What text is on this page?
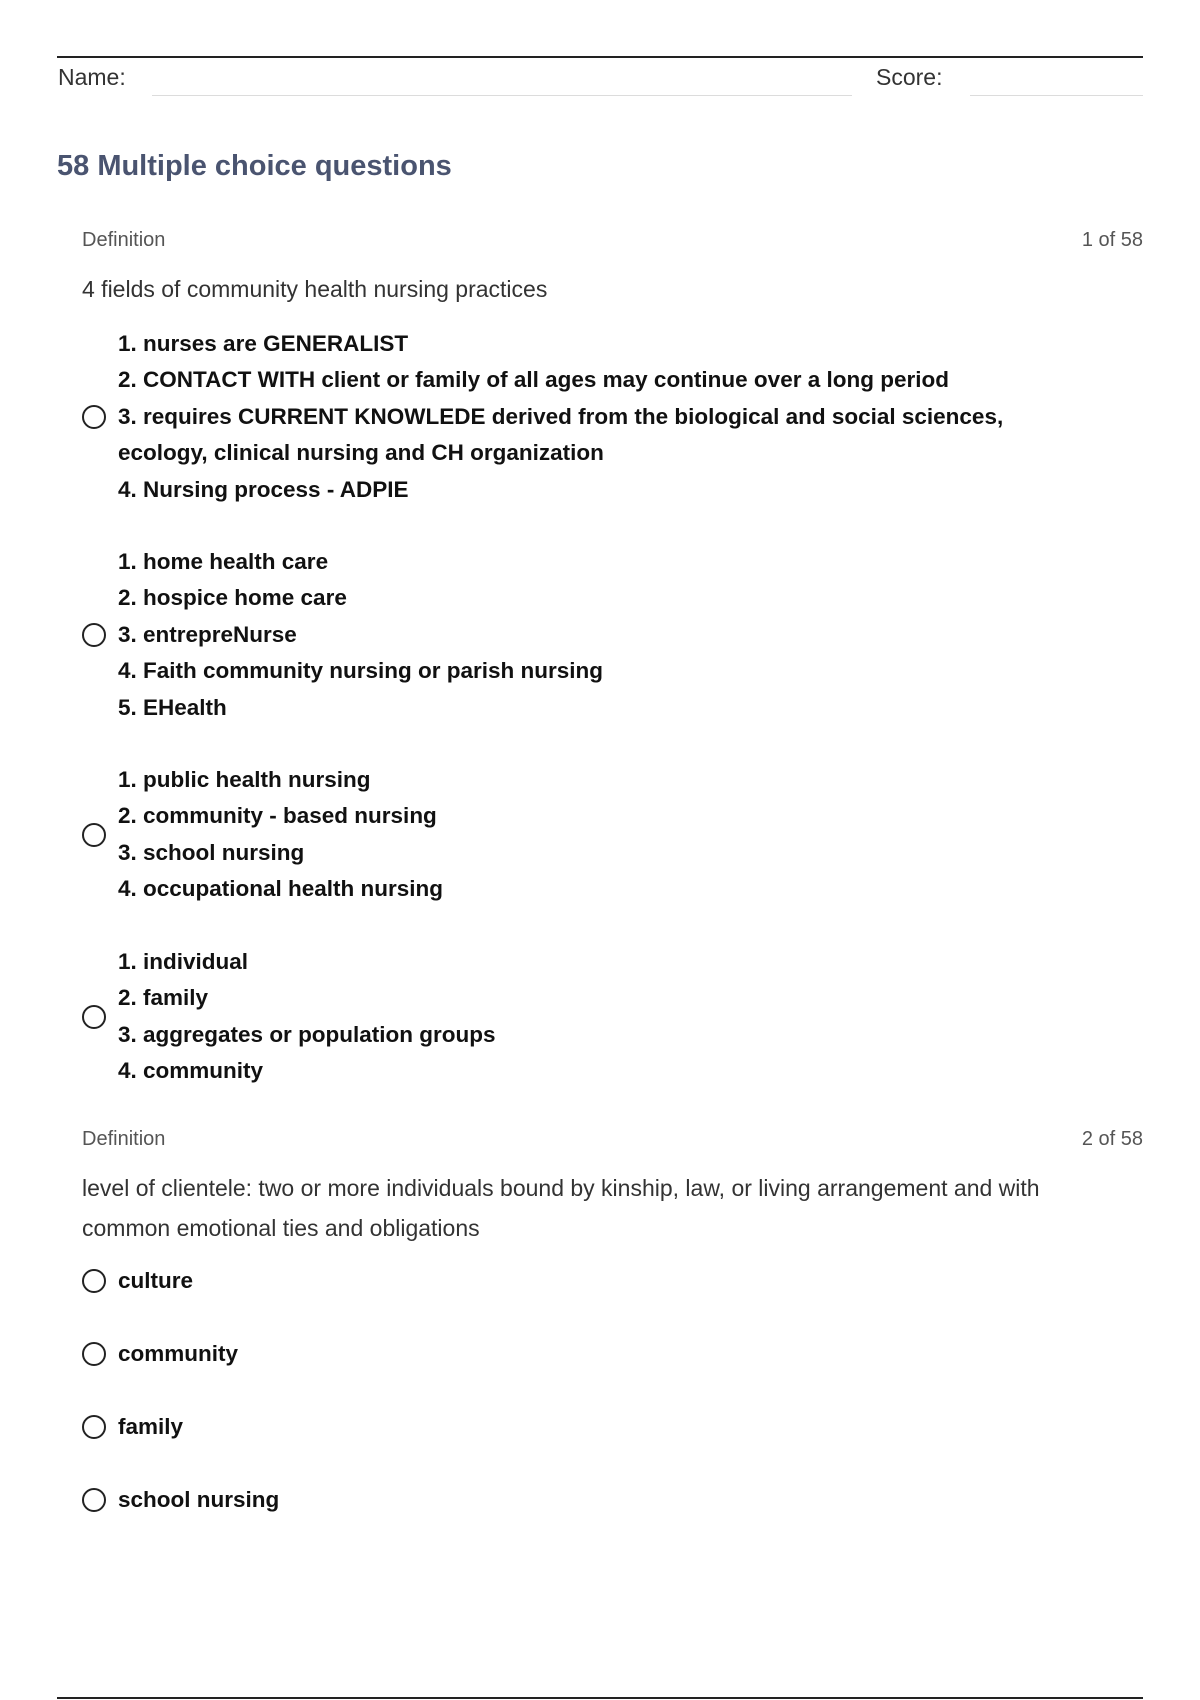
Name:	Score:
58 Multiple choice questions
Definition	1 of 58
4 fields of community health nursing practices
1. nurses are GENERALIST
2. CONTACT WITH client or family of all ages may continue over a long period
3. requires CURRENT KNOWLEDE derived from the biological and social sciences,
ecology, clinical nursing and CH organization
4. Nursing process - ADPIE
1. home health care
2. hospice home care
3. entrepreNurse
4. Faith community nursing or parish nursing
5. EHealth
1. public health nursing
2. community - based nursing
3. school nursing
4. occupational health nursing
1. individual
2. family
3. aggregates or population groups
4. community
Definition	2 of 58
level of clientele: two or more individuals bound by kinship, law, or living arrangement and with
common emotional ties and obligations
culture
community
family
school nursing
